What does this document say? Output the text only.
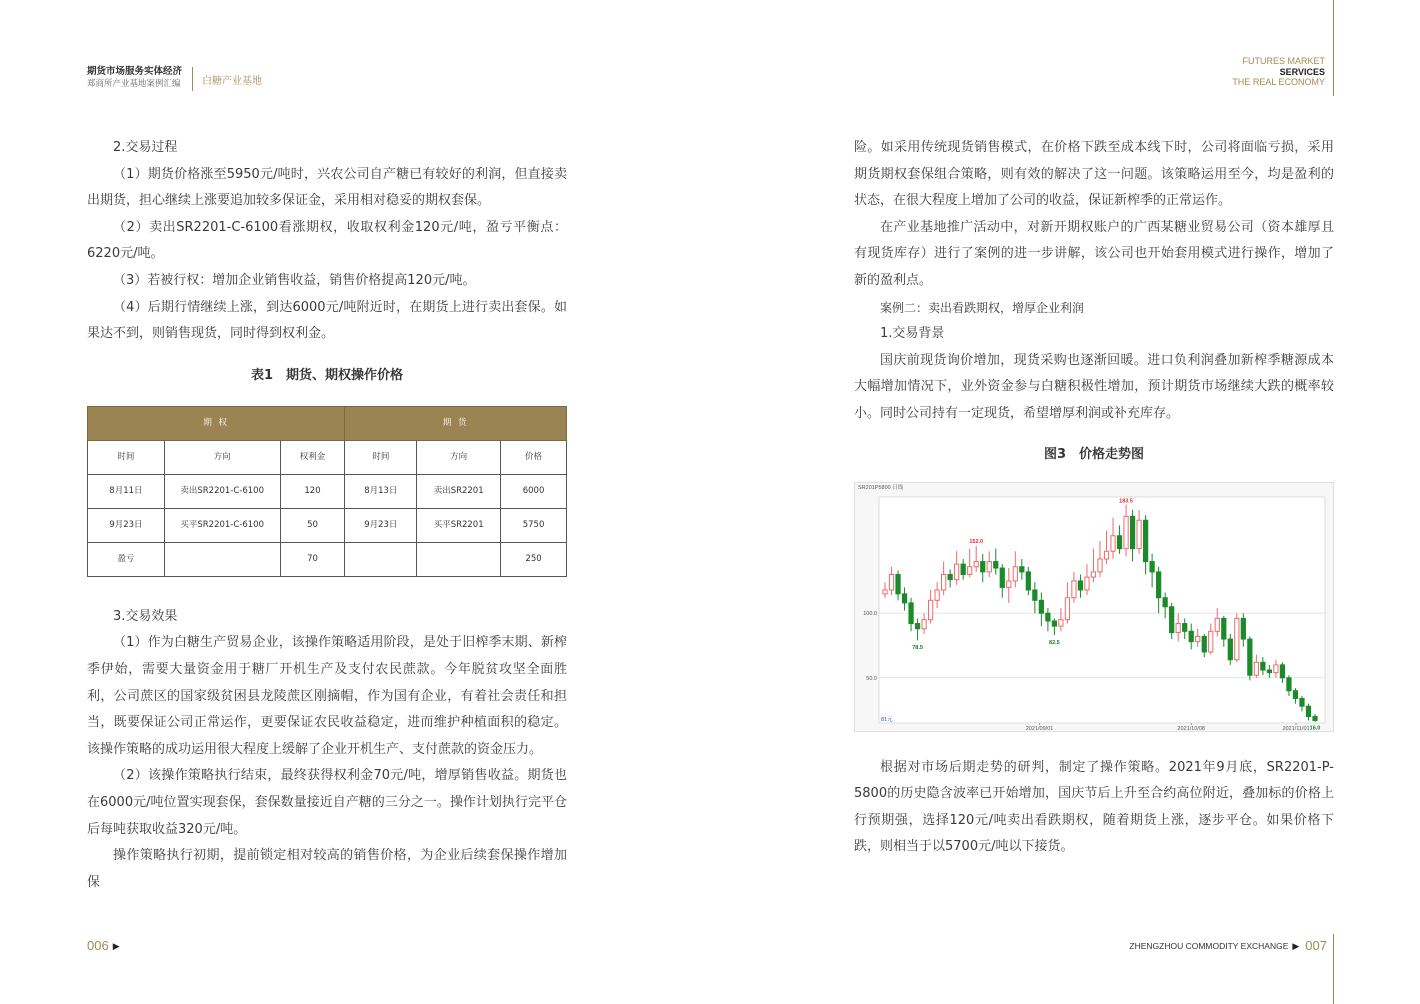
期货市场服务实体经济
郑商所产业基地案例汇编 白糖产业基地
FUTURES MARKET
SERVICES
THE REAL ECONOMY

2.交易过程

（1）期货价格涨至5950元/吨时，兴农公司自产糖已有较好的利润，但直接卖出期货，担心继续上涨要追加较多保证金，采用相对稳妥的期权套保。

（2）卖出SR2201-C-6100看涨期权，收取权利金120元/吨，盈亏平衡点：6220元/吨。

（3）若被行权：增加企业销售收益，销售价格提高120元/吨。

（4）后期行情继续上涨，到达6000元/吨附近时，在期货上进行卖出套保。如果达不到，则销售现货，同时得到权利金。

表1　期货、期权操作价格
期 权			期 货		
时间	方向	权利金	时间	方向	价格
8月11日	卖出SR2201-C-6100	120	8月13日	卖出SR2201	6000
9月23日	买平SR2201-C-6100	50	9月23日	买平SR2201	5750
盈亏		70			250

3.交易效果

（1）作为白糖生产贸易企业，该操作策略适用阶段，是处于旧榨季末期、新榨季伊始，需要大量资金用于糖厂开机生产及支付农民蔗款。今年脱贫攻坚全面胜利，公司蔗区的国家级贫困县龙陵蔗区刚摘帽，作为国有企业，有着社会责任和担当，既要保证公司正常运作，更要保证农民收益稳定，进而维护种植面积的稳定。该操作策略的成功运用很大程度上缓解了企业开机生产、支付蔗款的资金压力。

（2）该操作策略执行结束，最终获得权利金70元/吨，增厚销售收益。期货也在6000元/吨位置实现套保，套保数量接近自产糖的三分之一。操作计划执行完平仓后每吨获取收益320元/吨。

操作策略执行初期，提前锁定相对较高的销售价格，为企业后续套保操作增加保

险。如采用传统现货销售模式，在价格下跌至成本线下时，公司将面临亏损，采用期货期权套保组合策略，则有效的解决了这一问题。该策略运用至今，均是盈利的状态，在很大程度上增加了公司的收益，保证新榨季的正常运作。

在产业基地推广活动中，对新开期权账户的广西某糖业贸易公司（资本雄厚且有现货库存）进行了案例的进一步讲解，该公司也开始套用模式进行操作，增加了新的盈利点。

案例二：卖出看跌期权，增厚企业利润

1.交易背景

国庆前现货询价增加，现货采购也逐渐回暖。进口负利润叠加新榨季糖源成本大幅增加情况下，业外资金参与白糖积极性增加，预计期货市场继续大跌的概率较小。同时公司持有一定现货，希望增厚利润或补充库存。

图3　价格走势图
SR201P5800 日线
100.0
50.0
152.0
183.5
78.5
82.5
16.0
81元
2021/09/01	2021/10/08	2021/11/01

根据对市场后期走势的研判，制定了操作策略。2021年9月底，SR2201-P-5800的历史隐含波率已开始增加，国庆节后上升至合约高位附近，叠加标的价格上行预期强，选择120元/吨卖出看跌期权，随着期货上涨，逐步平仓。如果价格下跌，则相当于以5700元/吨以下接货。

006 ▶	ZHENGZHOU COMMODITY EXCHANGE ▶ 007
